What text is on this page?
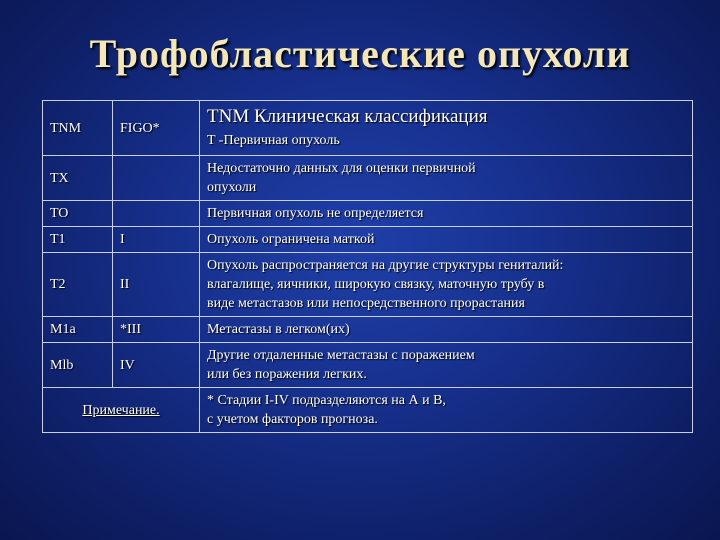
Трофобластические опухоли
TNM	FIGO*	TNM Клиническая классификация
T -Первичная опухоль

TX		Недостаточно данных для оценки первичной
опухоли

TO		Первичная опухоль не определяется

T1	I	Опухоль ограничена маткой

T2	II	Опухоль распространяется на другие структуры гениталий:
влагалище, яичники, широкую связку, маточную трубу в
виде метастазов или непосредственного прорастания

M1a	*III	Метастазы в легком(их)

Mlb	IV	Другие отдаленные метастазы с поражением
или без поражения легких.

Примечание.		* Стадии I-IV подразделяются на А и В,
с учетом факторов прогноза.
